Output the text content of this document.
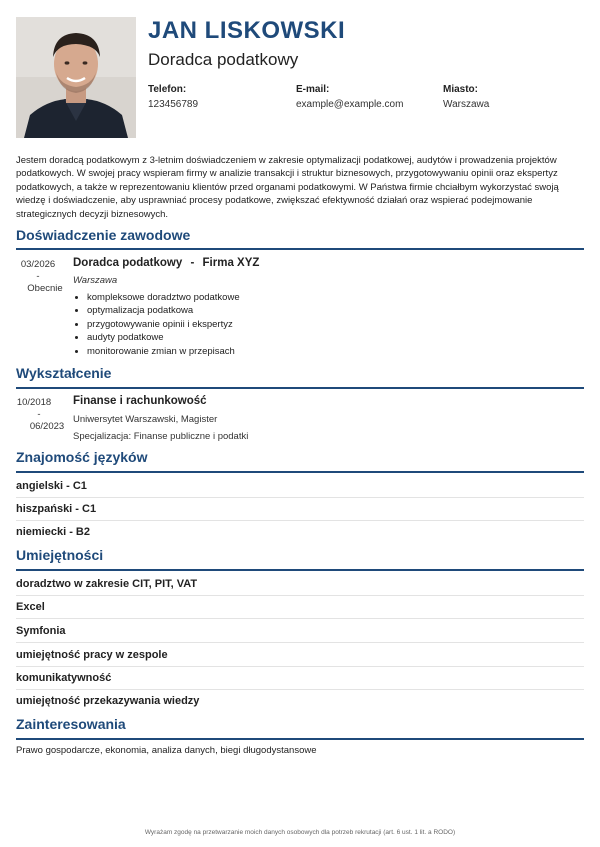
JAN LISKOWSKI
Doradca podatkowy
Telefon:
123456789
E-mail:
example@example.com
Miasto:
Warszawa
Jestem doradcą podatkowym z 3-letnim doświadczeniem w zakresie optymalizacji podatkowej, audytów i prowadzenia projektów podatkowych. W swojej pracy wspieram firmy w analizie transakcji i struktur biznesowych, przygotowywaniu opinii oraz ekspertyz podatkowych, a także w reprezentowaniu klientów przed organami podatkowymi. W Państwa firmie chciałbym wykorzystać swoją wiedzę i doświadczenie, aby usprawniać procesy podatkowe, zwiększać efektywność działań oraz wspierać podejmowanie strategicznych decyzji biznesowych.
Doświadczenie zawodowe
03/2026
-
Obecnie
Doradca podatkowy - Firma XYZ
Warszawa
• kompleksowe doradztwo podatkowe
• optymalizacja podatkowa
• przygotowywanie opinii i ekspertyz
• audyty podatkowe
• monitorowanie zmian w przepisach
Wykształcenie
10/2018
-
06/2023
Finanse i rachunkowość
Uniwersytet Warszawski, Magister
Specjalizacja: Finanse publiczne i podatki
Znajomość języków
angielski - C1
hiszpański - C1
niemiecki - B2
Umiejętności
doradztwo w zakresie CIT, PIT, VAT
Excel
Symfonia
umiejętność pracy w zespole
komunikatywność
umiejętność przekazywania wiedzy
Zainteresowania
Prawo gospodarcze, ekonomia, analiza danych, biegi długodystansowe
Wyrażam zgodę na przetwarzanie moich danych osobowych dla potrzeb rekrutacji (art. 6 ust. 1 lit. a RODO)
